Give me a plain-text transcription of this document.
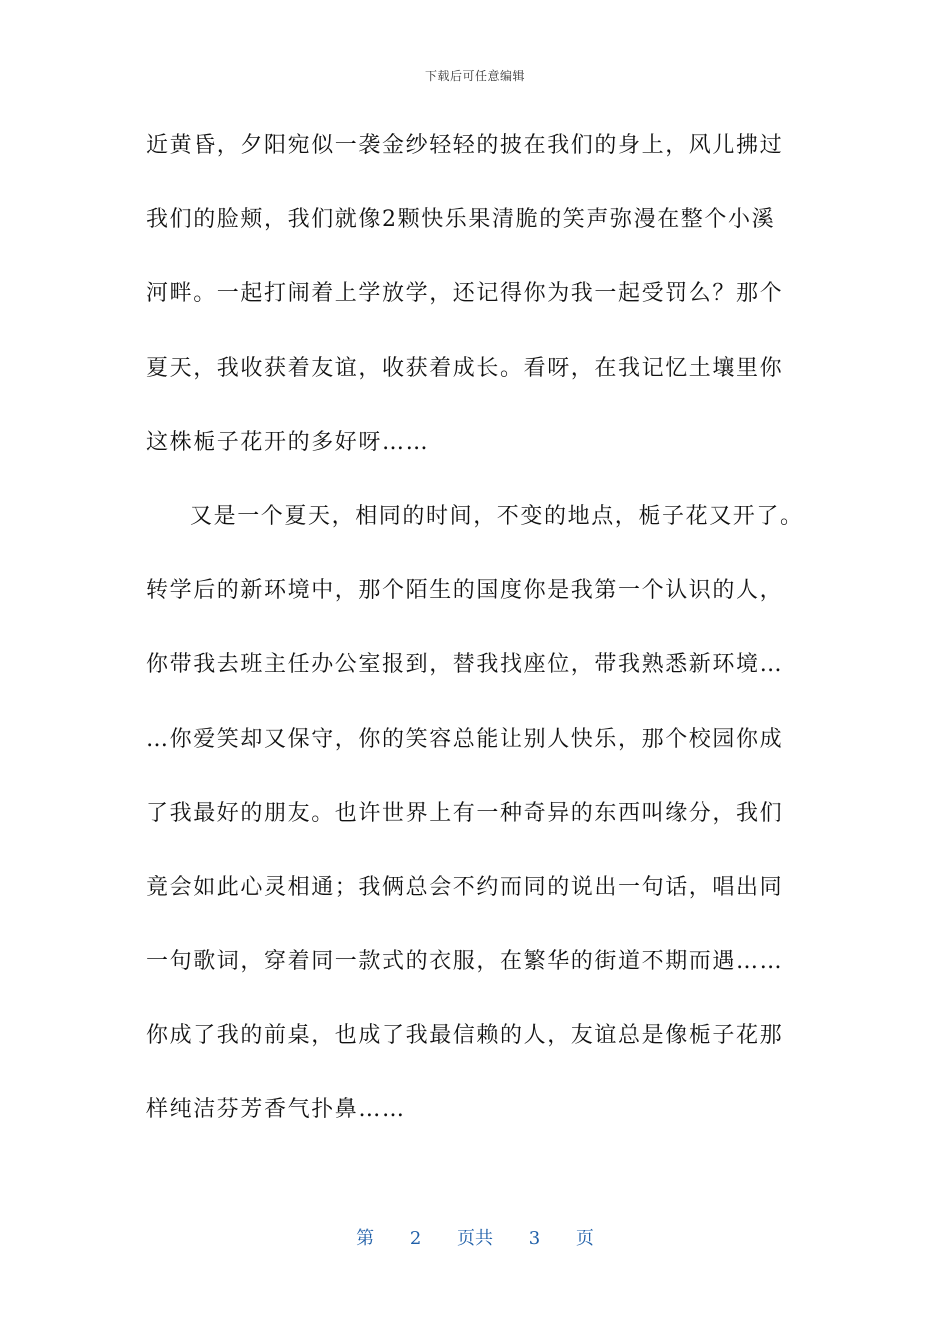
下载后可任意编辑
近黄昏，夕阳宛似一袭金纱轻轻的披在我们的身上，风儿拂过
我们的脸颊，我们就像2颗快乐果清脆的笑声弥漫在整个小溪
河畔。一起打闹着上学放学，还记得你为我一起受罚么？那个
夏天，我收获着友谊，收获着成长。看呀，在我记忆土壤里你
这株栀子花开的多好呀……
又是一个夏天，相同的时间，不变的地点，栀子花又开了。
转学后的新环境中，那个陌生的国度你是我第一个认识的人，
你带我去班主任办公室报到，替我找座位，带我熟悉新环境…
…你爱笑却又保守，你的笑容总能让别人快乐，那个校园你成
了我最好的朋友。也许世界上有一种奇异的东西叫缘分，我们
竟会如此心灵相通；我俩总会不约而同的说出一句话，唱出同
一句歌词，穿着同一款式的衣服，在繁华的街道不期而遇……
你成了我的前桌，也成了我最信赖的人，友谊总是像栀子花那
样纯洁芬芳香气扑鼻……
第 2 页共 3 页
